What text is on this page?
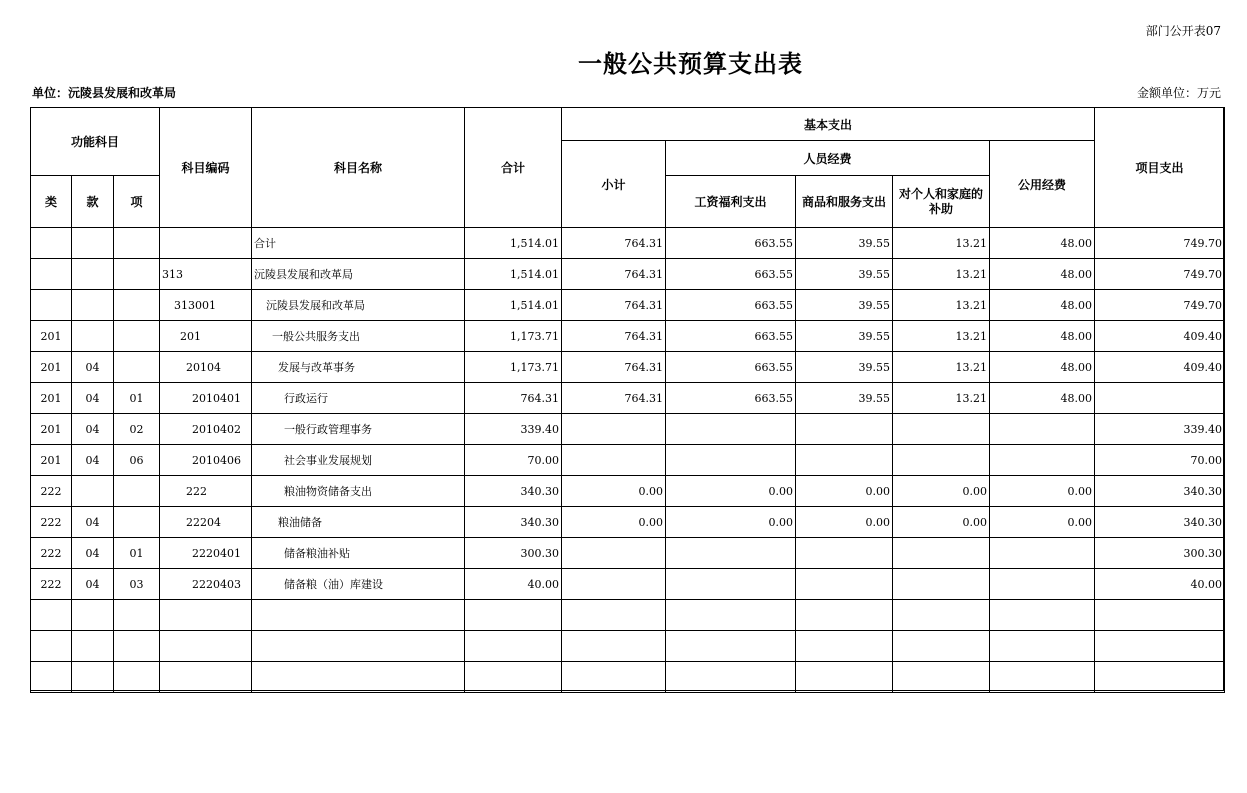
部门公开表07
一般公共预算支出表
单位：沅陵县发展和改革局	金额单位：万元
功能科目			科目编码	科目名称	合计	基本支出					项目支出
						小计	人员经费			公用经费	
类	款	项					工资福利支出	商品和服务支出	对个人和家庭的补助		
				合计	1,514.01	764.31	663.55	39.55	13.21	48.00	749.70
			313	沅陵县发展和改革局	1,514.01	764.31	663.55	39.55	13.21	48.00	749.70
			313001	沅陵县发展和改革局	1,514.01	764.31	663.55	39.55	13.21	48.00	749.70
201			201	一般公共服务支出	1,173.71	764.31	663.55	39.55	13.21	48.00	409.40
201	04		20104	发展与改革事务	1,173.71	764.31	663.55	39.55	13.21	48.00	409.40
201	04	01	2010401	行政运行	764.31	764.31	663.55	39.55	13.21	48.00	
201	04	02	2010402	一般行政管理事务	339.40						339.40
201	04	06	2010406	社会事业发展规划	70.00						70.00
222			222	粮油物资储备支出	340.30	0.00	0.00	0.00	0.00	0.00	340.30
222	04		22204	粮油储备	340.30	0.00	0.00	0.00	0.00	0.00	340.30
222	04	01	2220401	储备粮油补贴	300.30						300.30
222	04	03	2220403	储备粮（油）库建设	40.00						40.00
